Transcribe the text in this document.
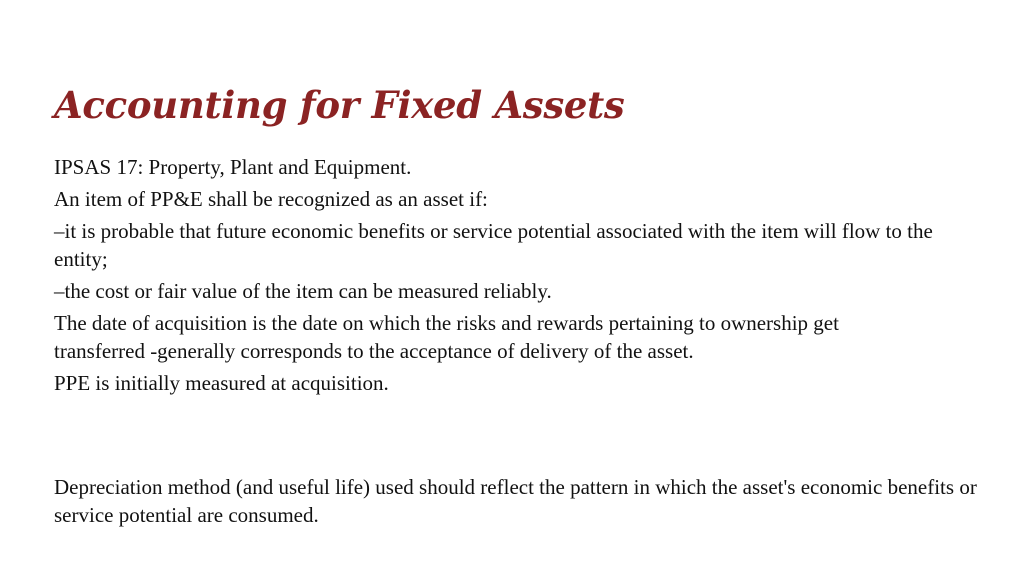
Accounting for Fixed Assets

IPSAS 17: Property, Plant and Equipment.

An item of PP&E shall be recognized as an asset if:

–it is probable that future economic benefits or service potential associated with the item will flow to the entity;

–the cost or fair value of the item can be measured reliably.

The date of acquisition is the date on which the risks and rewards pertaining to ownership get transferred -generally corresponds to the acceptance of delivery of the asset.

PPE is initially measured at acquisition.

Depreciation method (and useful life) used should reflect the pattern in which the asset's economic benefits or service potential are consumed.
